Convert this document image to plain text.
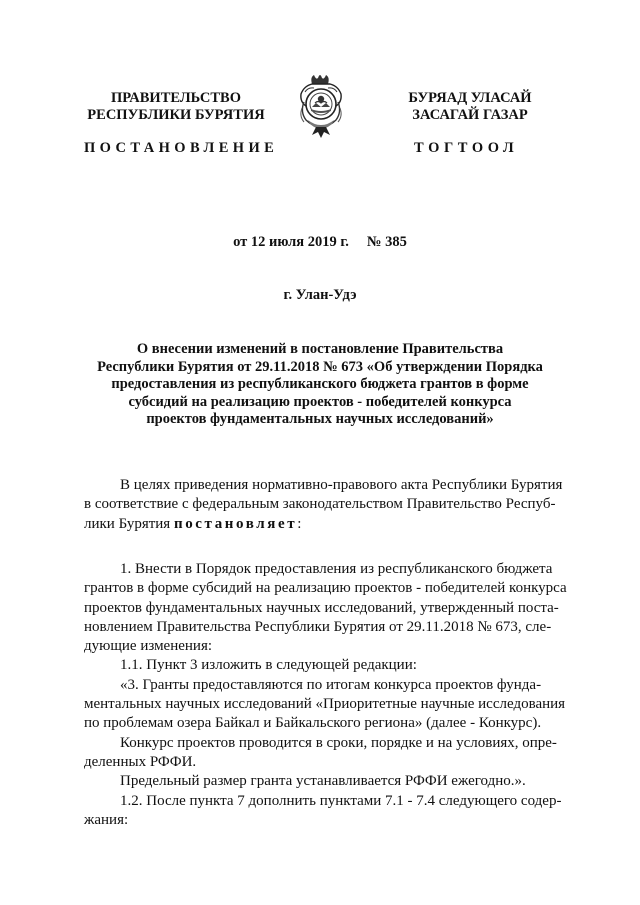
ПРАВИТЕЛЬСТВО
РЕСПУБЛИКИ БУРЯТИЯ
БУРЯАД УЛАСАЙ
ЗАСАГАЙ ГАЗАР
ПОСТАНОВЛЕНИЕ	ТОГТООЛ
от 12 июля 2019 г. № 385
г. Улан-Удэ
О внесении изменений в постановление Правительства
Республики Бурятия от 29.11.2018 № 673 «Об утверждении Порядка
предоставления из республиканского бюджета грантов в форме
субсидий на реализацию проектов - победителей конкурса
проектов фундаментальных научных исследований»
В целях приведения нормативно-правового акта Республики Бурятия
в соответствие с федеральным законодательством Правительство Респуб-
лики Бурятия постановляет:
1. Внести в Порядок предоставления из республиканского бюджета
грантов в форме субсидий на реализацию проектов - победителей конкурса
проектов фундаментальных научных исследований, утвержденный поста-
новлением Правительства Республики Бурятия от 29.11.2018 № 673, сле-
дующие изменения:
1.1. Пункт 3 изложить в следующей редакции:
«3. Гранты предоставляются по итогам конкурса проектов фунда-
ментальных научных исследований «Приоритетные научные исследования
по проблемам озера Байкал и Байкальского региона» (далее - Конкурс).
Конкурс проектов проводится в сроки, порядке и на условиях, опре-
деленных РФФИ.
Предельный размер гранта устанавливается РФФИ ежегодно.».
1.2. После пункта 7 дополнить пунктами 7.1 - 7.4 следующего содер-
жания:
